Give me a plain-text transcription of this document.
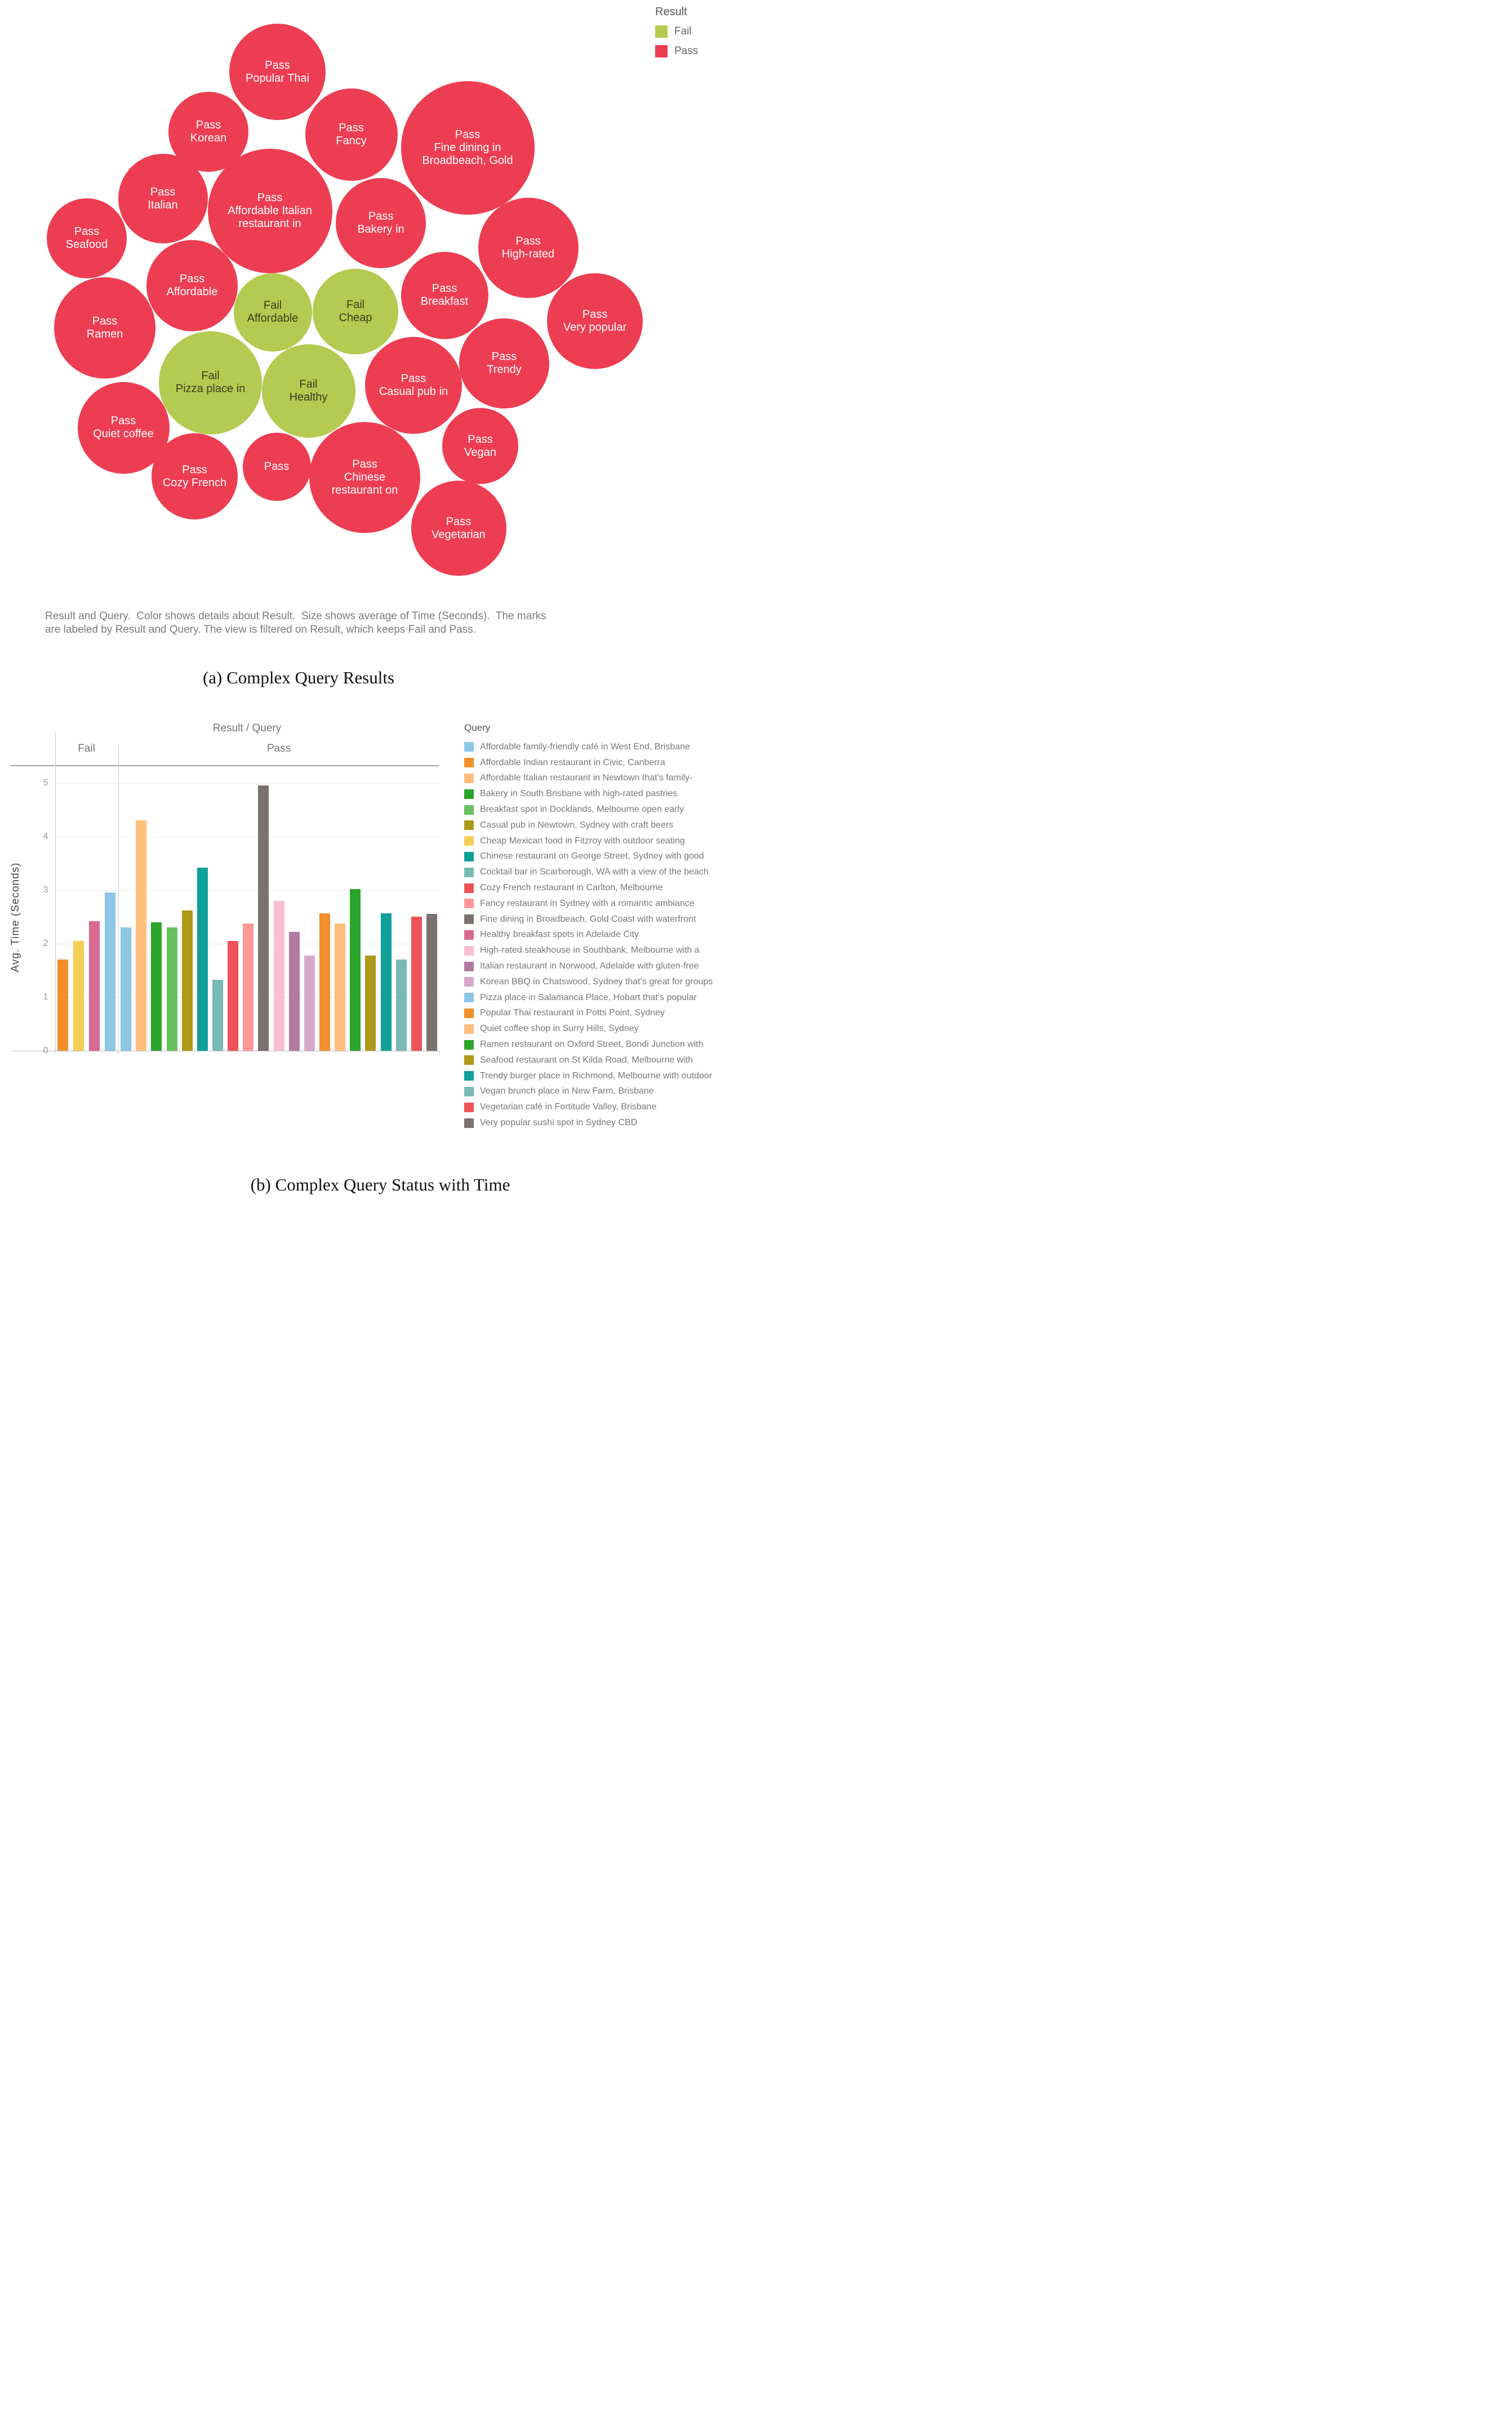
Pass
Popular Thai
Pass
Korean
Pass
Fancy	Pass
Fine dining in
Broadbeach, Gold
Pass
Italian
Pass
Affordable Italian
restaurant in
Pass
Bakery in
Pass
Seafood	Pass
High-rated
Pass
Affordable
Fail
Affordable
Fail
Cheap
Pass
Breakfast
Pass
Very popular
Pass
Ramen
Pass
Trendy
Fail
Pizza place in	Fail
Healthy
Pass
Casual pub in
Pass
Quiet coffee	Pass
Vegan
Pass
Cozy French
Pass	Pass
Chinese
restaurant on
Pass
Vegetarian
Result
Fail
Pass
Result and Query.  Color shows details about Result.  Size shows average of Time (Seconds).  The marks
are labeled by Result and Query. The view is filtered on Result, which keeps Fail and Pass.
(a) Complex Query Results
Result / Query
Fail	Pass
Avg. Time (Seconds)
Query
Affordable family-friendly café in West End, Brisbane
Affordable Indian restaurant in Civic, Canberra
Affordable Italian restaurant in Newtown that’s family-
Bakery in South Brisbane with high-rated pastries
Breakfast spot in Docklands, Melbourne open early
Casual pub in Newtown, Sydney with craft beers
Cheap Mexican food in Fitzroy with outdoor seating
Chinese restaurant on George Street, Sydney with good
Cocktail bar in Scarborough, WA with a view of the beach
Cozy French restaurant in Carlton, Melbourne
Fancy restaurant in Sydney with a romantic ambiance
Fine dining in Broadbeach, Gold Coast with waterfront
Healthy breakfast spots in Adelaide City
High-rated steakhouse in Southbank, Melbourne with a
Italian restaurant in Norwood, Adelaide with gluten-free
Korean BBQ in Chatswood, Sydney that’s great for groups
Pizza place in Salamanca Place, Hobart that’s popular
Popular Thai restaurant in Potts Point, Sydney
Quiet coffee shop in Surry Hills, Sydney
Ramen restaurant on Oxford Street, Bondi Junction with
Seafood restaurant on St Kilda Road, Melbourne with
Trendy burger place in Richmond, Melbourne with outdoor
Vegan brunch place in New Farm, Brisbane
Vegetarian café in Fortitude Valley, Brisbane
Very popular sushi spot in Sydney CBD
(b) Complex Query Status with Time
0
1
2
3
4
5
